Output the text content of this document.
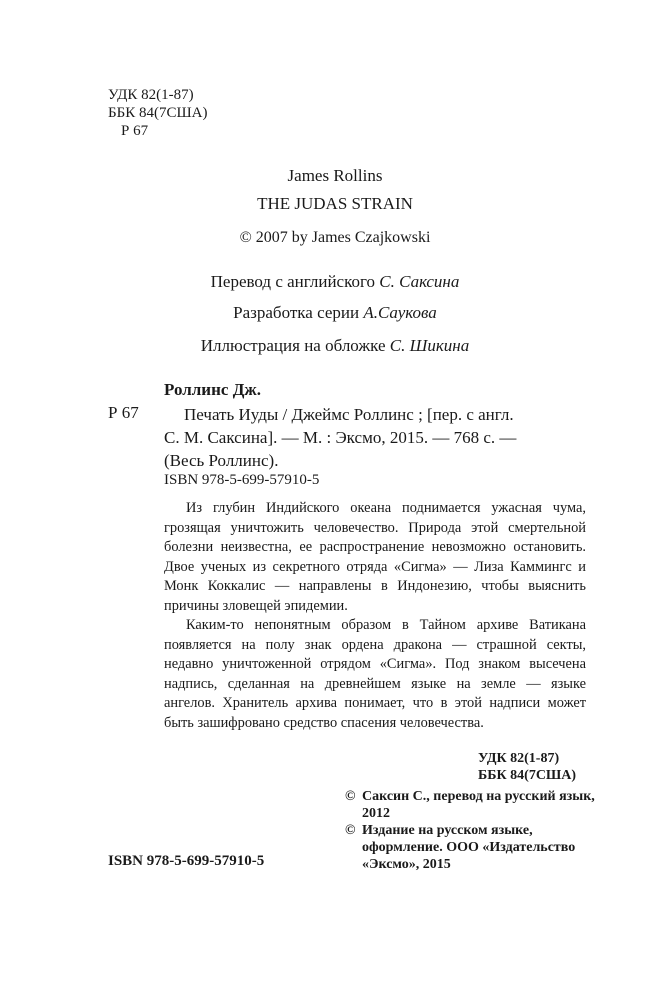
УДК 82(1-87)
ББК 84(7США)
Р 67
James Rollins
THE JUDAS STRAIN
© 2007 by James Czajkowski
Перевод с английского С. Саксина
Разработка серии А.Саукова
Иллюстрация на обложке С. Шикина
Роллинс Дж.
Р 67	Печать Иуды / Джеймс Роллинс ; [пер. с англ.
С. М. Саксина]. — М. : Эксмо, 2015. — 768 с. —
(Весь Роллинс).
ISBN 978-5-699-57910-5

Из глубин Индийского океана поднимается ужасная чума, грозящая уничтожить человечество. Природа этой смертельной болезни неизвестна, ее распространение невозможно остановить. Двое ученых из секретного отряда «Сигма» — Лиза Каммингс и Монк Коккалис — направлены в Индонезию, чтобы выяснить причины зловещей эпидемии.

Каким-то непонятным образом в Тайном архиве Ватикана появляется на полу знак ордена дракона — страшной секты, недавно уничтоженной отрядом «Сигма». Под знаком высечена надпись, сделанная на древнейшем языке на земле — языке ангелов. Хранитель архива понимает, что в этой надписи может быть зашифровано средство спасения человечества.

УДК 82(1-87)
ББК 84(7США)
© Саксин С., перевод на русский язык, 2012
© Издание на русском языке, оформление. ООО «Издательство «Эксмо», 2015
ISBN 978-5-699-57910-5
